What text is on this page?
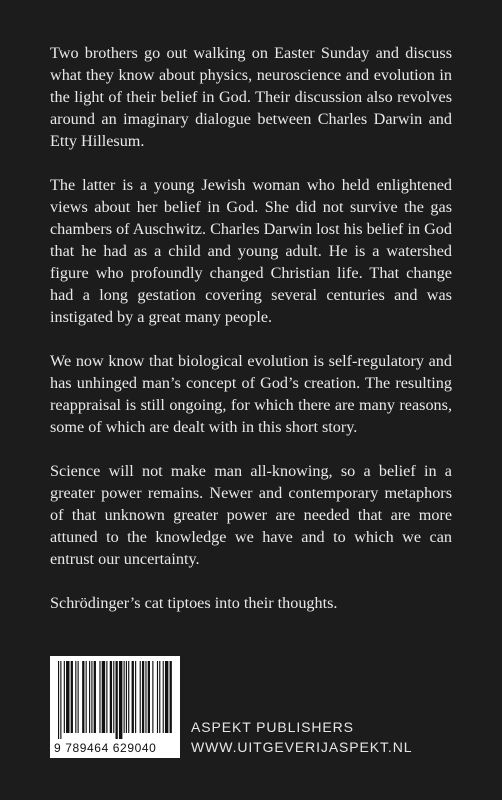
Two brothers go out walking on Easter Sunday and discuss what they know about physics, neuroscience and evolution in the light of their belief in God. Their discussion also revolves around an imaginary dialogue between Charles Darwin and Etty Hillesum.

The latter is a young Jewish woman who held enlightened views about her belief in God. She did not survive the gas chambers of Auschwitz. Charles Darwin lost his belief in God that he had as a child and young adult. He is a watershed figure who profoundly changed Christian life. That change had a long gestation covering several centuries and was instigated by a great many people.

We now know that biological evolution is self-regulatory and has unhinged man’s concept of God’s creation. The resulting reappraisal is still ongoing, for which there are many reasons, some of which are dealt with in this short story.

Science will not make man all-knowing, so a belief in a greater power remains. Newer and contemporary metaphors of that unknown greater power are needed that are more attuned to the knowledge we have and to which we can entrust our uncertainty.

Schrödinger’s cat tiptoes into their thoughts.

9 789464 629040
ASPEKT PUBLISHERS
WWW.UITGEVERIJASPEKT.NL
